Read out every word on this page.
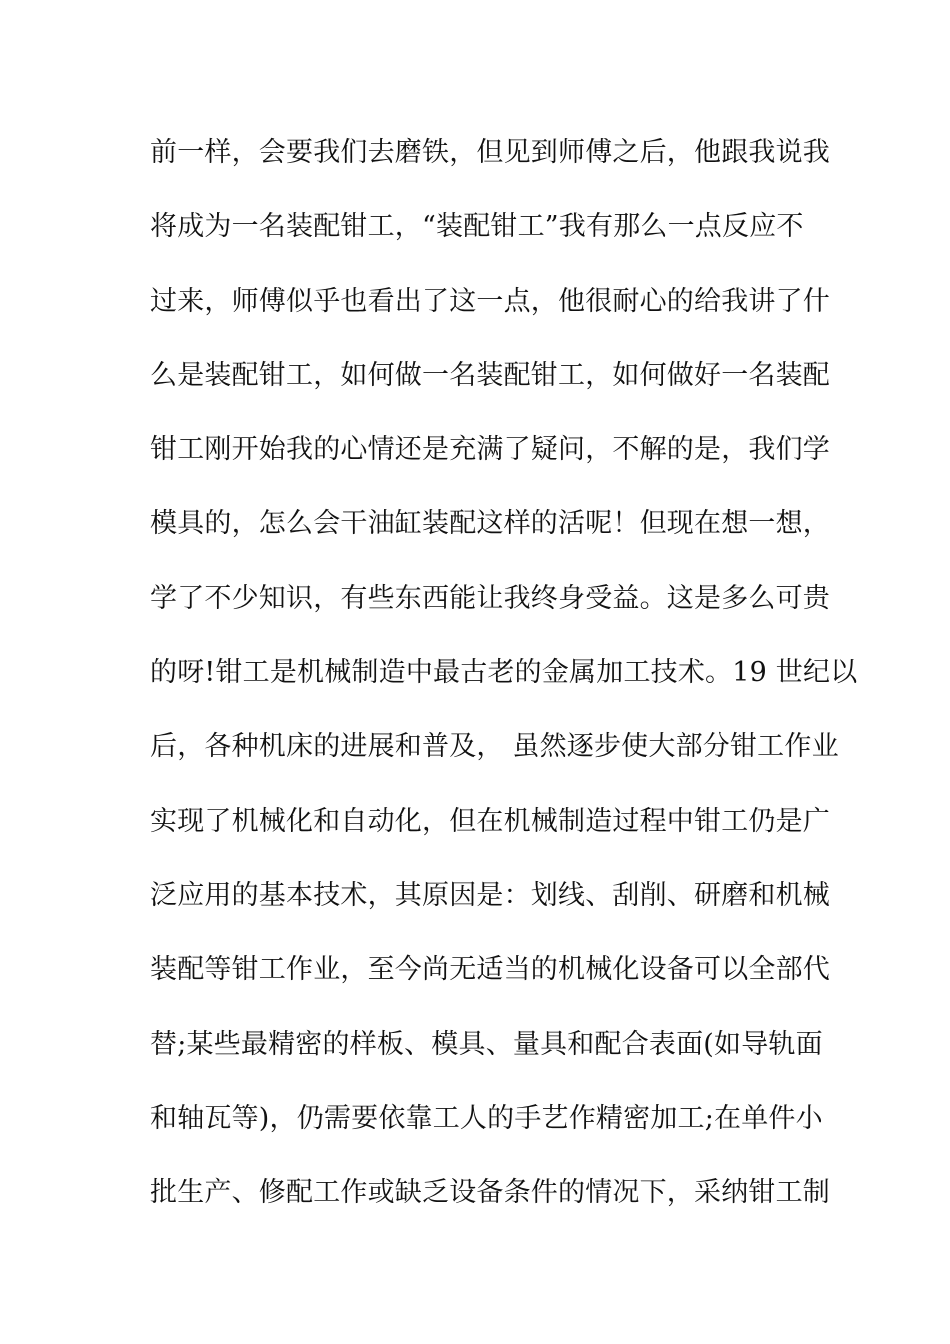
前一样，会要我们去磨铁，但见到师傅之后，他跟我说我
将成为一名装配钳工，“装配钳工”我有那么一点反应不
过来，师傅似乎也看出了这一点，他很耐心的给我讲了什
么是装配钳工，如何做一名装配钳工，如何做好一名装配
钳工刚开始我的心情还是充满了疑问，不解的是，我们学
模具的，怎么会干油缸装配这样的活呢！但现在想一想，
学了不少知识，有些东西能让我终身受益。这是多么可贵
的呀!钳工是机械制造中最古老的金属加工技术。19 世纪以
后，各种机床的进展和普及， 虽然逐步使大部分钳工作业
实现了机械化和自动化，但在机械制造过程中钳工仍是广
泛应用的基本技术，其原因是：划线、刮削、研磨和机械
装配等钳工作业，至今尚无适当的机械化设备可以全部代
替;某些最精密的样板、模具、量具和配合表面(如导轨面
和轴瓦等)，仍需要依靠工人的手艺作精密加工;在单件小
批生产、修配工作或缺乏设备条件的情况下，采纳钳工制
